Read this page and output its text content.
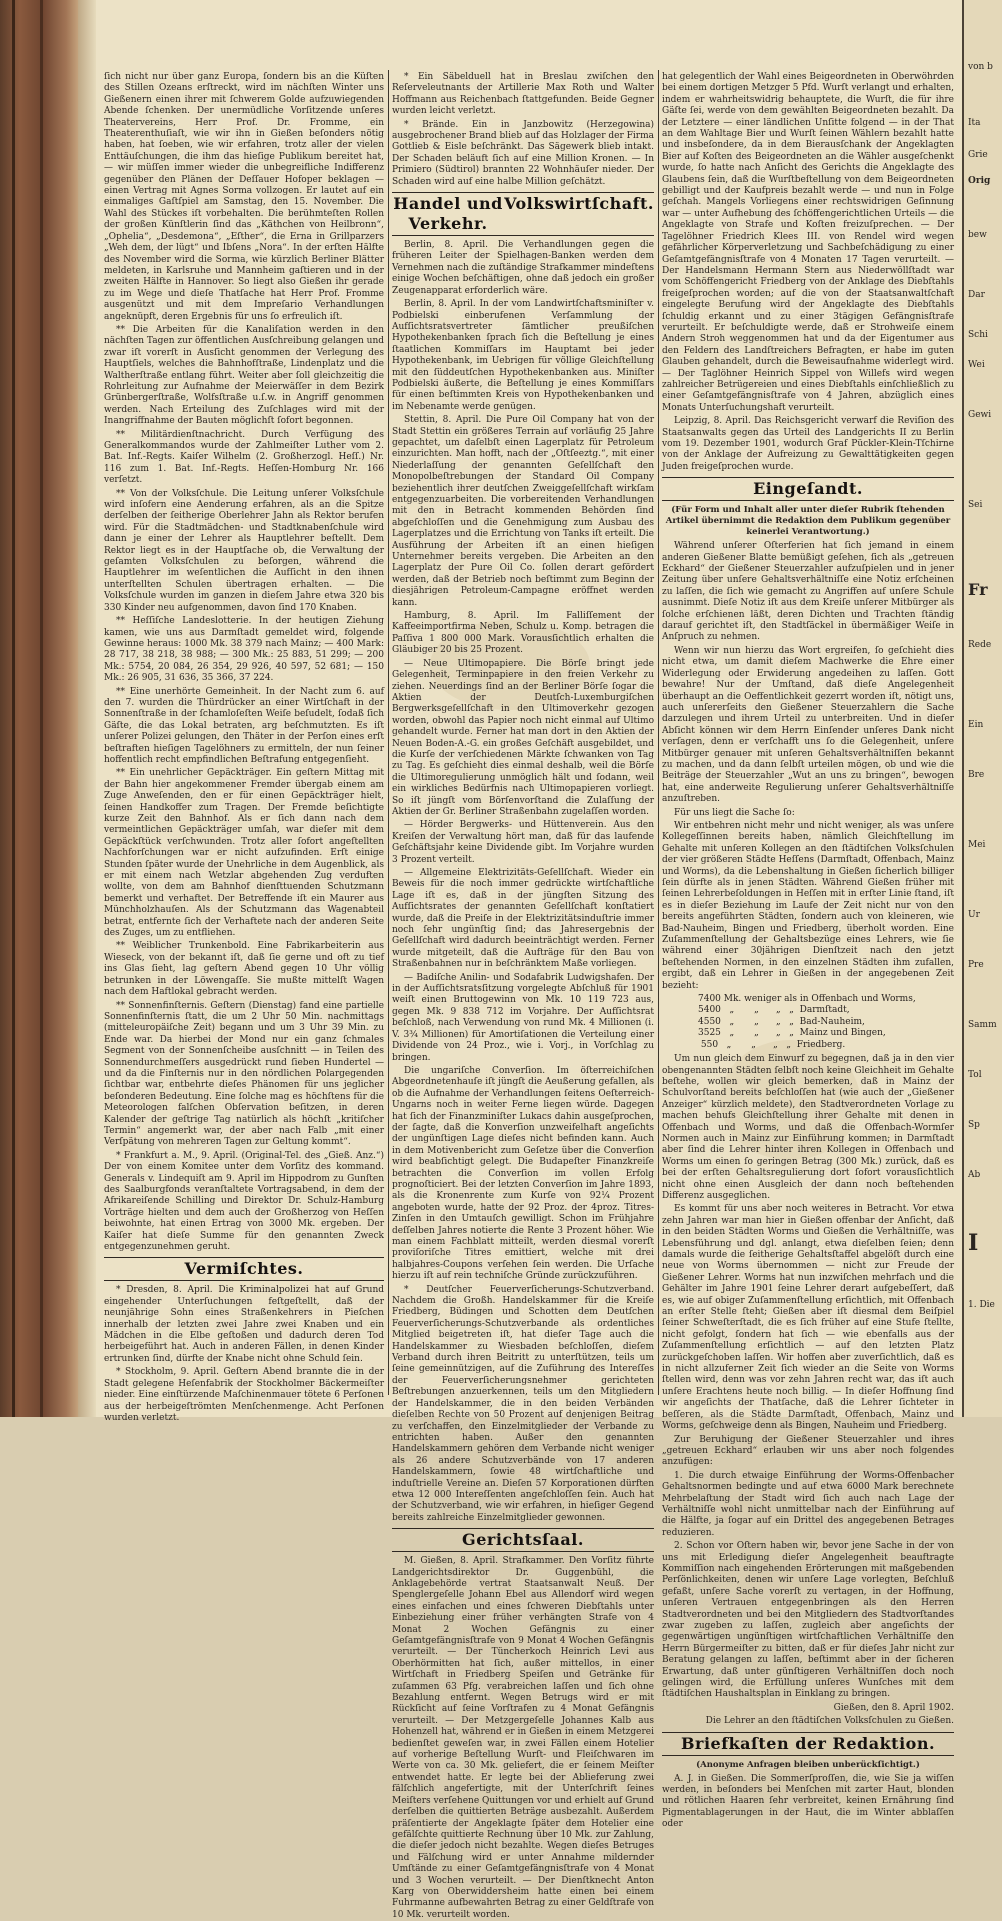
ſich nicht nur über ganz Europa, ſondern bis an die Küſten des Stillen Ozeans erſtreckt, wird im nächſten Winter uns Gießenern einen ihrer mit ſchwerem Golde aufzuwiegenden Abende ſchenken. Der unermüdliche Vorſitzende unſeres Theatervereins, Herr Prof. Dr. Fromme, ein Theaterenthuſiaſt, wie wir ihn in Gießen beſonders nötig haben, hat ſoeben, wie wir erfahren, trotz aller der vielen Enttäuſchungen, die ihm das hieſige Publikum bereitet hat, — wir müſſen immer wieder die unbegreifliche Indifferenz gegenüber den Plänen der Deſſauer Hofoper beklagen — einen Vertrag mit Agnes Sorma vollzogen. Er lautet auf ein einmaliges Gaſtſpiel am Samstag, den 15. November. Die Wahl des Stückes iſt vorbehalten. Die berühmteſten Rollen der großen Künſtlerin ſind das „Käthchen von Heilbronn“, „Ophelia“, „Desdemona“, „Eſther“, die Erna in Grillparzers „Weh dem, der lügt“ und Ibſens „Nora“. In der erſten Hälfte des November wird die Sorma, wie kürzlich Berliner Blätter meldeten, in Karlsruhe und Mannheim gaſtieren und in der zweiten Hälfte in Hannover. So liegt also Gießen ihr gerade zu im Wege und dieſe Thatſache hat Herr Prof. Fromme ausgenützt und mit dem Impreſario Verhandlungen angeknüpft, deren Ergebnis für uns ſo erfreulich iſt.

** Die Arbeiten für die Kanaliſation werden in den nächſten Tagen zur öffentlichen Ausſchreibung gelangen und zwar iſt vorerſt in Ausſicht genommen der Verlegung des Hauptſiels, welches die Bahnhofſtraße, Lindenplatz und die Waltherſtraße entlang führt. Weiter aber ſoll gleichzeitig die Rohrleitung zur Aufnahme der Meierwäſſer in dem Bezirk Grünbergerſtraße, Wolfsſtraße u.ſ.w. in Angriff genommen werden. Nach Erteilung des Zuſchlages wird mit der Inangriffnahme der Bauten möglichſt ſofort begonnen.

** Militärdienſtnachricht. Durch Verfügung des Generalkommandos wurde der Zahlmeiſter Luther vom 2. Bat. Inf.-Regts. Kaiſer Wilhelm (2. Großherzogl. Heſſ.) Nr. 116 zum 1. Bat. Inf.-Regts. Heſſen-Homburg Nr. 166 verſetzt.

** Von der Volksſchule. Die Leitung unſerer Volksſchule wird inſofern eine Aenderung erfahren, als an die Spitze derſelben der ſeitherige Oberlehrer Jahn als Rektor berufen wird. Für die Stadtmädchen- und Stadtknabenſchule wird dann je einer der Lehrer als Hauptlehrer beſtellt. Dem Rektor liegt es in der Hauptſache ob, die Verwaltung der geſamten Volksſchulen zu beſorgen, während die Hauptlehrer im weſentlichen die Aufſicht in den ihnen unterſtellten Schulen übertragen erhalten. — Die Volksſchule wurden im ganzen in dieſem Jahre etwa 320 bis 330 Kinder neu aufgenommen, davon ſind 170 Knaben.

** Heſſiſche Landeslotterie. In der heutigen Ziehung kamen, wie uns aus Darmſtadt gemeldet wird, folgende Gewinne heraus: 1000 Mk. 38 379 nach Mainz; — 400 Mark: 28 717, 38 218, 38 988; — 300 Mk.: 25 883, 51 299; — 200 Mk.: 5754, 20 084, 26 354, 29 926, 40 597, 52 681; — 150 Mk.: 26 905, 31 636, 35 366, 37 224.

** Eine unerhörte Gemeinheit. In der Nacht zum 6. auf den 7. wurden die Thürdrücker an einer Wirtſchaft in der Sonnenſtraße in der ſchamloſeſten Weiſe beſudelt, ſodaß ſich Gäſte, die das Lokal betraten, arg beſchmutzten. Es iſt unſerer Polizei gelungen, den Thäter in der Perſon eines erſt beſtraften hieſigen Tagelöhners zu ermitteln, der nun ſeiner hoffentlich recht empfindlichen Beſtrafung entgegenſieht.

** Ein unehrlicher Gepäckträger. Ein geſtern Mittag mit der Bahn hier angekommener Fremder übergab einem am Zuge Anweſenden, den er für einen Gepäckträger hielt, ſeinen Handkoffer zum Tragen. Der Fremde beſichtigte kurze Zeit den Bahnhof. Als er ſich dann nach dem vermeintlichen Gepäckträger umſah, war dieſer mit dem Gepäckſtück verſchwunden. Trotz aller ſofort angeſtellten Nachforſchungen war er nicht aufzufinden. Erſt einige Stunden ſpäter wurde der Unehrliche in dem Augenblick, als er mit einem nach Wetzlar abgehenden Zug verduften wollte, von dem am Bahnhof dienſttuenden Schutzmann bemerkt und verhaftet. Der Betreffende iſt ein Maurer aus Münchholzhauſen. Als der Schutzmann das Wagenabteil betrat, entfernte ſich der Verhaftete nach der anderen Seite des Zuges, um zu entfliehen.

** Weiblicher Trunkenbold. Eine Fabrikarbeiterin aus Wieseck, von der bekannt iſt, daß ſie gerne und oft zu tief ins Glas ſieht, lag geſtern Abend gegen 10 Uhr völlig betrunken in der Löwengaſſe. Sie mußte mittelſt Wagen nach dem Haftlokal gebracht werden.

** Sonnenfinſternis. Geſtern (Dienstag) fand eine partielle Sonnenfinſternis ſtatt, die um 2 Uhr 50 Min. nachmittags (mitteleuropäiſche Zeit) begann und um 3 Uhr 39 Min. zu Ende war. Da hierbei der Mond nur ein ganz ſchmales Segment von der Sonnenſcheibe ausſchnitt — in Teilen des Sonnendurchmeſſers ausgedrückt rund ſieben Hundertel — und da die Finſternis nur in den nördlichen Polargegenden ſichtbar war, entbehrte dieſes Phänomen für uns jeglicher beſonderen Bedeutung. Eine ſolche mag es höchſtens für die Meteorologen falſchen Obſervation beſitzen, in deren Kalender der geſtrige Tag natürlich als höchſt „kritiſcher Termin“ angemerkt war, der aber nach Falb „mit einer Verſpätung von mehreren Tagen zur Geltung kommt“.

* Frankfurt a. M., 9. April. (Original-Tel. des „Gieß. Anz.“) Der von einem Komitee unter dem Vorſitz des kommand. Generals v. Lindequiſt am 9. April im Hippodrom zu Gunſten des Saalburgfonds veranſtaltete Vortragsabend, in dem der Afrikareiſende Schilling und Direktor Dr. Schulz-Hamburg Vorträge hielten und dem auch der Großherzog von Heſſen beiwohnte, hat einen Ertrag von 3000 Mk. ergeben. Der Kaiſer hat dieſe Summe für den genannten Zweck entgegenzunehmen geruht.

Vermiſchtes.

* Dresden, 8. April. Die Kriminalpolizei hat auf Grund eingehender Unterſuchungen feſtgeſtellt, daß der neunjährige Sohn eines Straßenkehrers in Pieſchen innerhalb der letzten zwei Jahre zwei Knaben und ein Mädchen in die Elbe geſtoßen und dadurch deren Tod herbeigeführt hat. Auch in anderen Fällen, in denen Kinder ertrunken ſind, dürfte der Knabe nicht ohne Schuld ſein.

* Stockholm, 9. April. Geſtern Abend brannte die in der Stadt gelegene Heſenfabrik der Stockholmer Bäckermeiſter nieder. Eine einſtürzende Maſchinenmauer tötete 6 Perſonen aus der herbeigeſtrömten Menſchenmenge. Acht Perſonen wurden verletzt.

* Ein Säbelduell hat in Breslau zwiſchen den Reſerveleutnants der Artillerie Max Roth und Walter Hoffmann aus Reichenbach ſtattgefunden. Beide Gegner wurden leicht verletzt.

* Brände. Ein in Janzbowitz (Herzegowina) ausgebrochener Brand blieb auf das Holzlager der Firma Gottlieb & Eisle beſchränkt. Das Sägewerk blieb intakt. Der Schaden beläuft ſich auf eine Million Kronen. — In Primiero (Südtirol) brannten 22 Wohnhäuſer nieder. Der Schaden wird auf eine halbe Million geſchätzt.

Handel und Verkehr.
Volkswirtſchaft.

Berlin, 8. April. Die Verhandlungen gegen die früheren Leiter der Spielhagen-Banken werden dem Vernehmen nach die zuſtändige Strafkammer mindeſtens einige Wochen beſchäftigen, ohne daß jedoch ein großer Zeugenapparat erforderlich wäre.

Berlin, 8. April. In der vom Landwirtſchaftsminiſter v. Podbielski einberufenen Verſammlung der Aufſichtsratsvertreter ſämtlicher preußiſchen Hypothekenbanken ſprach ſich die Beſtellung je eines ſtaatlichen Kommiſſars im Hauptamt bei jeder Hypothekenbank, im Uebrigen für völlige Gleichſtellung mit den ſüddeutſchen Hypothekenbanken aus. Miniſter Podbielski äußerte, die Beſtellung je eines Kommiſſars für einen beſtimmten Kreis von Hypothekenbanken und im Nebenamte werde genügen.

Stettin, 8. April. Die Pure Oil Company hat von der Stadt Stettin ein größeres Terrain auf vorläufig 25 Jahre gepachtet, um daſelbſt einen Lagerplatz für Petroleum einzurichten. Man hofft, nach der „Oſtſeeztg.“, mit einer Niederlaſſung der genannten Geſellſchaft den Monopolbeſtrebungen der Standard Oil Company beziehentlich ihrer deutſchen Zweiggeſellſchaft wirkſam entgegenzuarbeiten. Die vorbereitenden Verhandlungen mit den in Betracht kommenden Behörden ſind abgeſchloſſen und die Genehmigung zum Ausbau des Lagerplatzes und die Errichtung von Tanks iſt erteilt. Die Ausführung der Arbeiten iſt an einen hieſigen Unternehmer bereits vergeben. Die Arbeiten an den Lagerplatz der Pure Oil Co. ſollen derart gefördert werden, daß der Betrieb noch beſtimmt zum Beginn der diesjährigen Petroleum-Campagne eröffnet werden kann.

Hamburg, 8. April. Im Falliſſement der Kaffeeimportfirma Neben, Schulz u. Komp. betragen die Paſſiva 1 800 000 Mark. Vorausſichtlich erhalten die Gläubiger 20 bis 25 Prozent.

— Neue Ultimopapiere. Die Börſe bringt jede Gelegenheit, Terminpapiere in den freien Verkehr zu ziehen. Neuerdings ſind an der Berliner Börſe ſogar die Aktien der Deutſch-Luxemburgiſchen Bergwerksgeſellſchaft in den Ultimoverkehr gezogen worden, obwohl das Papier noch nicht einmal auf Ultimo gehandelt wurde. Ferner hat man dort in den Aktien der Neuen Boden-A.-G. ein großes Geſchäft ausgebildet, und die Kurſe der verſchiedenen Märkte ſchwanken von Tag zu Tag. Es geſchieht dies einmal deshalb, weil die Börſe die Ultimoregulierung unmöglich hält und ſodann, weil ein wirkliches Bedürfnis nach Ultimopapieren vorliegt. So iſt jüngſt vom Börſenvorſtand die Zulaſſung der Aktien der Gr. Berliner Straßenbahn zugelaſſen worden.

— Hörder Bergwerks- und Hüttenverein. Aus den Kreiſen der Verwaltung hört man, daß für das laufende Geſchäftsjahr keine Dividende gibt. Im Vorjahre wurden 3 Prozent verteilt.

— Allgemeine Elektrizitäts-Geſellſchaft. Wieder ein Beweis für die noch immer gedrückte wirtſchaftliche Lage iſt es, daß in der jüngſten Sitzung des Aufſichtsrates der genannten Geſellſchaft konſtatiert wurde, daß die Preiſe in der Elektrizitätsinduſtrie immer noch ſehr ungünſtig ſind; das Jahresergebnis der Geſellſchaft wird dadurch beeinträchtigt werden. Ferner wurde mitgeteilt, daß die Aufträge für den Bau von Straßenbahnen nur in beſchränktem Maße vorliegen.

— Badiſche Anilin- und Sodafabrik Ludwigshafen. Der in der Aufſichtsratsſitzung vorgelegte Abſchluß für 1901 weiſt einen Bruttogewinn von Mk. 10 119 723 aus, gegen Mk. 9 838 712 im Vorjahre. Der Aufſichtsrat beſchloß, nach Verwendung von rund Mk. 4 Millionen (i. V. 3¾ Millionen) für Amortiſationen die Verteilung einer Dividende von 24 Proz., wie i. Vorj., in Vorſchlag zu bringen.

Die ungariſche Converſion. Im öſterreichiſchen Abgeordnetenhauſe iſt jüngſt die Aeußerung gefallen, als ob die Aufnahme der Verhandlungen ſeitens Oeſterreich-Ungarns noch in weiter Ferne liegen würde. Dagegen hat ſich der Finanzminiſter Lukacs dahin ausgeſprochen, der ſagte, daß die Konverſion unzweifelhaft angeſichts der ungünſtigen Lage dieſes nicht befinden kann. Auch in dem Motivenbericht zum Geſetze über die Converſion wird beabſichtigt gelegt. Die Budapeſter Finanzkreiſe betrachten die Converſion im vollen Erfolg prognoſticiert. Bei der letzten Converſion im Jahre 1893, als die Kronenrente zum Kurſe von 92¼ Prozent angeboten wurde, hatte der 92 Proz. der 4proz. Titres-Zinſen in den Umtauſch gewilligt. Schon im Frühjahre deſſelben Jahres notierte die Rente 3 Prozent höher. Wie man einem Fachblatt mitteilt, werden diesmal vorerſt proviſoriſche Titres emittiert, welche mit drei halbjahres-Coupons verſehen ſein werden. Die Urſache hierzu iſt auf rein techniſche Gründe zurückzuführen.

* Deutſcher Feuerverſicherungs-Schutzverband. Nachdem die Großh. Handelskammer für die Kreiſe Friedberg, Büdingen und Schotten dem Deutſchen Feuerverſicherungs-Schutzverbande als ordentliches Mitglied beigetreten iſt, hat dieſer Tage auch die Handelskammer zu Wiesbaden beſchloſſen, dieſem Verband durch ihren Beitritt zu unterſtützen, teils um ſeine gemeinnützigen, auf die Zuführung des Intereſſes der Feuerverſicherungsnehmer gerichteten Beſtrebungen anzuerkennen, teils um den Mitgliedern der Handelskammer, die in den beiden Verbänden dieſelben Rechte von 50 Prozent auf denjenigen Beitrag zu verſchaffen, den Einzelmitglieder der Verbande zu entrichten haben. Außer den genannten Handelskammern gehören dem Verbande nicht weniger als 26 andere Schutzverbände von 17 anderen Handelskammern, ſowie 48 wirtſchaftliche und induſtrielle Vereine an. Dieſen 57 Korporationen dürften etwa 12 000 Intereſſenten angeſchloſſen ſein. Auch hat der Schutzverband, wie wir erfahren, in hieſiger Gegend bereits zahlreiche Einzelmitglieder gewonnen.

Gerichtsſaal.

M. Gießen, 8. April. Strafkammer. Den Vorſitz führte Landgerichtsdirektor Dr. Guggenbühl, die Anklagebehörde vertrat Staatsanwalt Neuß. Der Spenglergeſelle Johann Ebel aus Allendorf wird wegen eines einfachen und eines ſchweren Diebſtahls unter Einbeziehung einer früher verhängten Strafe von 4 Monat 2 Wochen Gefängnis zu einer Geſamtgefängnisſtrafe von 9 Monat 4 Wochen Gefängnis verurteilt. — Der Tüncherkoch Heinrich Levi aus Oberhörmitten hat ſich, außer mittellos, in einer Wirtſchaft in Friedberg Speiſen und Getränke für zuſammen 63 Pfg. verabreichen laſſen und ſich ohne Bezahlung entfernt. Wegen Betrugs wird er mit Rückſicht auf ſeine Vorſtrafen zu 4 Monat Gefängnis verurteilt. — Der Metzgergeſelle Johannes Kalb aus Hohenzell hat, während er in Gießen in einem Metzgerei bedienſtet geweſen war, in zwei Fällen einem Hotelier auf vorherige Beſtellung Wurſt- und Fleiſchwaren im Werte von ca. 30 Mk. geliefert, die er ſeinem Meiſter entwendet hatte. Er legte bei der Ablieferung zwei fälſchlich angefertigte, mit der Unterſchrift ſeines Meiſters verſehene Quittungen vor und erhielt auf Grund derſelben die quittierten Beträge ausbezahlt. Außerdem präſentierte der Angeklagte ſpäter dem Hotelier eine gefälſchte quittierte Rechnung über 10 Mk. zur Zahlung, die dieſer jedoch nicht bezahlte. Wegen dieſes Betruges und Fälſchung wird er unter Annahme mildernder Umſtände zu einer Geſamtgefängnisſtrafe von 4 Monat und 3 Wochen verurteilt. — Der Dienſtknecht Anton Karg von Oberwiddersheim hatte einen bei einem Fuhrmanne aufbewahrten Betrag zu einer Geldſtrafe von 10 Mk. verurteilt worden.

hat gelegentlich der Wahl eines Beigeordneten in Oberwöhrden bei einem dortigen Metzger 5 Pfd. Wurſt verlangt und erhalten, indem er wahrheitswidrig behauptete, die Wurſt, die für ihre Gäſte ſei, werde von dem gewählten Beigeordneten bezahlt. Da der Letztere — einer ländlichen Unſitte folgend — in der That an dem Wahltage Bier und Wurſt ſeinen Wählern bezahlt hatte und insbeſondere, da in dem Bierausſchank der Angeklagten Bier auf Koſten des Beigeordneten an die Wähler ausgeſchenkt wurde, ſo hatte nach Anſicht des Gerichts die Angeklagte des Glaubens ſein, daß die Wurſtbeſtellung von dem Beigeordneten gebilligt und der Kaufpreis bezahlt werde — und nun in Folge geſchah. Mangels Vorliegens einer rechtswidrigen Geſinnung war — unter Aufhebung des ſchöffengerichtlichen Urteils — die Angeklagte von Strafe und Koſten freizuſprechen. — Der Tagelöhner Friedrich Klees III. von Rendel wird wegen gefährlicher Körperverletzung und Sachbeſchädigung zu einer Geſamtgefängnisſtrafe von 4 Monaten 17 Tagen verurteilt. — Der Handelsmann Hermann Stern aus Niederwöllſtadt war vom Schöffengericht Friedberg von der Anklage des Diebſtahls freigeſprochen worden; auf die von der Staatsanwaltſchaft eingelegte Berufung wird der Angeklagte des Diebſtahls ſchuldig erkannt und zu einer 3tägigen Gefängnisſtrafe verurteilt. Er beſchuldigte werde, daß er Strohweiſe einem Andern Stroh weggenommen hat und da der Eigentumer aus den Feldern des Landſtreichers Befragten, er habe im guten Glauben gehandelt, durch die Beweisaufnahme widerlegt wird. — Der Taglöhner Heinrich Sippel von Willefs wird wegen zahlreicher Betrügereien und eines Diebſtahls einſchließlich zu einer Geſamtgefängnisſtrafe von 4 Jahren, abzüglich eines Monats Unterſuchungshaft verurteilt.

Leipzig, 8. April. Das Reichsgericht verwarf die Reviſion des Staatsanwalts gegen das Urteil des Landgerichts II zu Berlin vom 19. Dezember 1901, wodurch Graf Pückler-Klein-Tſchirne von der Anklage der Aufreizung zu Gewalttätigkeiten gegen Juden freigeſprochen wurde.

Eingeſandt.

(Für Form und Inhalt aller unter dieſer Rubrik ſtehenden Artikel übernimmt die Redaktion dem Publikum gegenüber keinerlei Verantwortung.)

Während unſerer Oſterferien hat ſich jemand in einem anderen Gießener Blatte bemüßigt geſehen, ſich als „getreuen Eckhard“ der Gießener Steuerzahler aufzuſpielen und in jener Zeitung über unſere Gehaltsverhältniſſe eine Notiz erſcheinen zu laſſen, die ſich wie gemacht zu Angriffen auf unſere Schule ausnimmt. Dieſe Notiz iſt aus dem Kreiſe unſerer Mitbürger als ſolche erſchienen läßt, deren Dichten und Trachten ſtändig darauf gerichtet iſt, den Stadtſäckel in übermäßiger Weiſe in Anſpruch zu nehmen.

Wenn wir nun hierzu das Wort ergreifen, ſo geſchieht dies nicht etwa, um damit dieſem Machwerke die Ehre einer Widerlegung oder Erwiderung angedeihen zu laſſen. Gott bewahre! Nur der Umſtand, daß dieſe Angelegenheit überhaupt an die Oeffentlichkeit gezerrt worden iſt, nötigt uns, auch unſererſeits den Gießener Steuerzahlern die Sache darzulegen und ihrem Urteil zu unterbreiten. Und in dieſer Abſicht können wir dem Herrn Einſender unſeres Dank nicht verſagen, denn er verſchafft uns ſo die Gelegenheit, unſere Mitbürger genauer mit unſeren Gehaltsverhältniſſen bekannt zu machen, und da dann ſelbſt urteilen mögen, ob und wie die Beiträge der Steuerzahler „Wut an uns zu bringen“, bewogen hat, eine anderweite Regulierung unſerer Gehaltsverhältniſſe anzuſtreben.

Für uns liegt die Sache ſo:

Wir entbehren nicht mehr und nicht weniger, als was unſere Kollegeſſinnen bereits haben, nämlich Gleichſtellung im Gehalte mit unſeren Kollegen an den ſtädtiſchen Volksſchulen der vier größeren Städte Heſſens (Darmſtadt, Offenbach, Mainz und Worms), da die Lebenshaltung in Gießen ſicherlich billiger ſein dürfte als in jenen Städten. Während Gießen früher mit ſeinen Lehrerbeſoldungen in Heſſen mit in erſter Linie ſtand, iſt es in dieſer Beziehung im Laufe der Zeit nicht nur von den bereits angeführten Städten, ſondern auch von kleineren, wie Bad-Nauheim, Bingen und Friedberg, überholt worden. Eine Zuſammenſtellung der Gehaltsbezüge eines Lehrers, wie ſie während einer 30jährigen Dienſtzeit nach den jetzt beſtehenden Normen, in den einzelnen Städten ihm zufallen, ergibt, daß ein Lehrer in Gießen in der angegebenen Zeit bezieht:

7400 Mk. weniger als in Offenbach und Worms,
5400   „       „      „   „  Darmſtadt,
4550   „       „      „   „  Bad-Nauheim,
3525   „       „      „   „  Mainz und Bingen,
550   „       „      „   „  Friedberg.

Um nun gleich dem Einwurf zu begegnen, daß ja in den vier obengenannten Städten ſelbſt noch keine Gleichheit im Gehalte beſtehe, wollen wir gleich bemerken, daß in Mainz der Schulvorſtand bereits beſchloſſen hat (wie auch der „Gießener Anzeiger“ kürzlich meldete), den Stadtverordneten Vorlage zu machen behufs Gleichſtellung ihrer Gehalte mit denen in Offenbach und Worms, und daß die Offenbach-Wormſer Normen auch in Mainz zur Einführung kommen; in Darmſtadt aber ſind die Lehrer hinter ihren Kollegen in Offenbach und Worms um einen ſo geringen Betrag (300 Mk.) zurück, daß es bei der erſten Gehaltsregulierung dort ſofort vorausſichtlich nicht ohne einen Ausgleich der dann noch beſtehenden Differenz ausgeglichen.

Es kommt für uns aber noch weiteres in Betracht. Vor etwa zehn Jahren war man hier in Gießen offenbar der Anſicht, daß in den beiden Städten Worms und Gießen die Verhältniſſe, was Lebensführung und dgl. anlangt, etwa dieſelben ſeien; denn damals wurde die ſeitherige Gehaltsſtaffel abgelöſt durch eine neue von Worms übernommen — nicht zur Freude der Gießener Lehrer. Worms hat nun inzwiſchen mehrfach und die Gehälter im Jahre 1901 ſeine Lehrer derart aufgebeſſert, daß es, wie auf obiger Zuſammenſtellung erſichtlich, mit Offenbach an erſter Stelle ſteht; Gießen aber iſt diesmal dem Beiſpiel ſeiner Schweſterſtadt, die es ſich früher auf eine Stufe ſtellte, nicht gefolgt, ſondern hat ſich — wie ebenfalls aus der Zuſammenſtellung erſichtlich — auf den letzten Platz zurückgeſchoben laſſen. Wir hoffen aber zuverſichtlich, daß es in nicht allzuferner Zeit ſich wieder an die Seite von Worms ſtellen wird, denn was vor zehn Jahren recht war, das iſt auch unſere Erachtens heute noch billig. — In dieſer Hoffnung ſind wir angeſichts der Thatſache, daß die Lehrer ſichteter in beſſeren, als die Städte Darmſtadt, Offenbach, Mainz und Worms, geſchweige denn als Bingen, Nauheim und Friedberg.

Zur Beruhigung der Gießener Steuerzahler und ihres „getreuen Eckhard“ erlauben wir uns aber noch folgendes anzufügen:

1. Die durch etwaige Einführung der Worms-Offenbacher Gehaltsnormen bedingte und auf etwa 6000 Mark berechnete Mehrbelaſtung der Stadt wird ſich auch nach Lage der Verhältniſſe wohl nicht unmittelbar nach der Einführung auf die Hälfte, ja ſogar auf ein Drittel des angegebenen Betrages reduzieren.

2. Schon vor Oſtern haben wir, bevor jene Sache in der von uns mit Erledigung dieſer Angelegenheit beauftragte Kommiſſion nach eingehenden Erörterungen mit maßgebenden Perſönlichkeiten, denen wir unſere Lage vorlegten, Beſchluß gefaßt, unſere Sache vorerſt zu vertagen, in der Hoffnung, unſeren Vertrauen entgegenbringen als den Herren Stadtverordneten und bei den Mitgliedern des Stadtvorſtandes zwar zugeben zu laſſen, zugleich aber angeſichts der gegenwärtigen ungünſtigen wirtſchaftlichen Verhältniſſe den Herrn Bürgermeiſter zu bitten, daß er für dieſes Jahr nicht zur Beratung gelangen zu laſſen, beſtimmt aber in der ſicheren Erwartung, daß unter günſtigeren Verhältniſſen doch noch gelingen wird, die Erfüllung unſeres Wunſches mit dem ſtädtiſchen Haushaltsplan in Einklang zu bringen.

Gießen, den 8. April 1902.

Die Lehrer an den ſtädtiſchen Volksſchulen zu Gießen.

Briefkaſten der Redaktion.

(Anonyme Anfragen bleiben unberückſichtigt.)

A. J. in Gießen. Die Sommerſproſſen, die, wie Sie ja wiſſen werden, in beſonders bei Menſchen mit zarter Haut, blonden und rötlichen Haaren ſehr verbreitet, keinen Ernährung ſind Pigmentablagerungen in der Haut, die im Winter abblaſſen oder

von b
Ita
Grie
Orig
bew
Dar
Schi
Wei
Gewi
Sei
Fr
Rede
Ein
Bre
Mei
Ur
Pre
Samm
Tol
Sp
Ab
I
1. Die
